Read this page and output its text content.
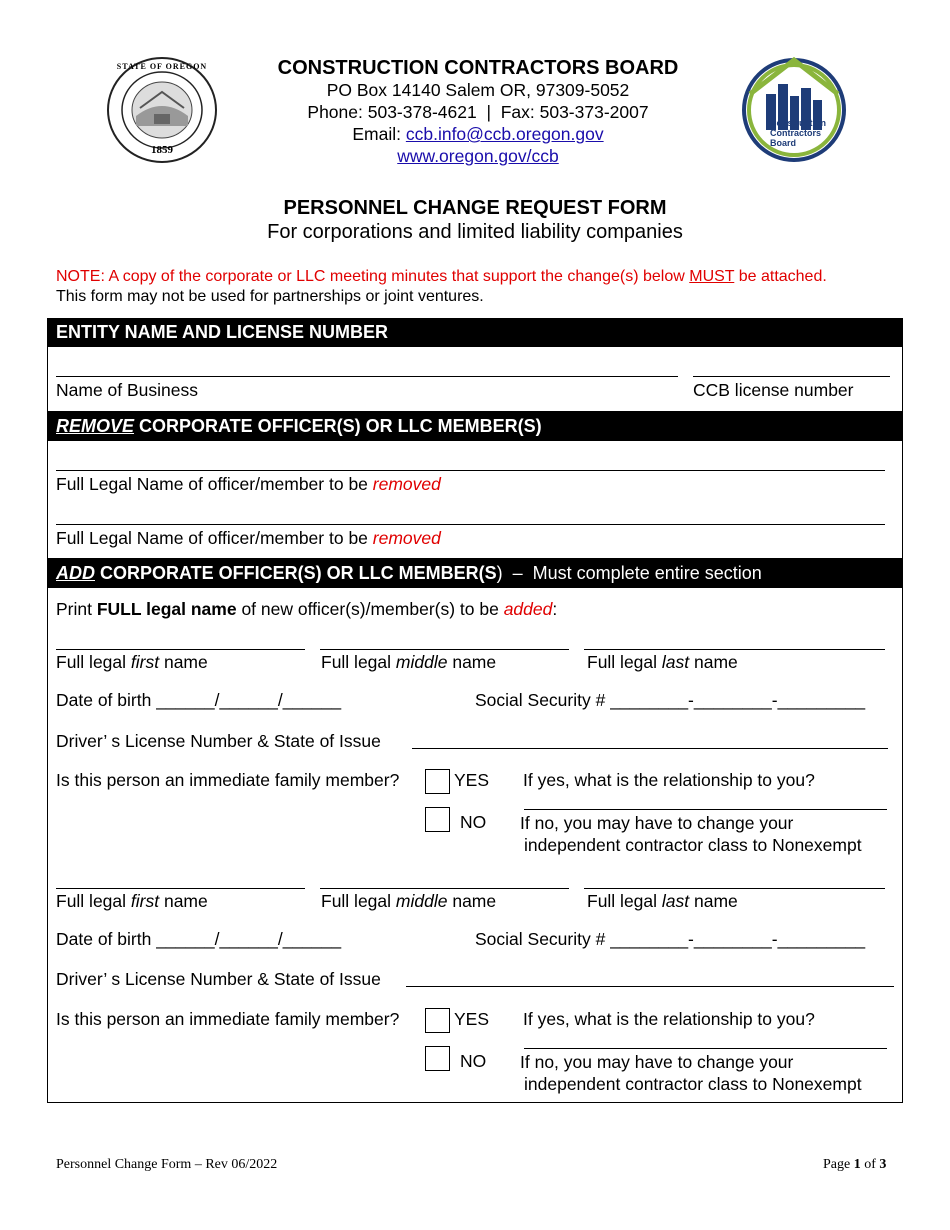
1859
STATE OF OREGON	CONSTRUCTION CONTRACTORS BOARD
PO Box 14140 Salem OR, 97309-5052
Phone: 503-378-4621  |  Fax: 503-373-2007
Email: ccb.info@ccb.oregon.gov
www.oregon.gov/ccb
Construction
Contractors
Board
PERSONNEL CHANGE REQUEST FORM
For corporations and limited liability companies
NOTE: A copy of the corporate or LLC meeting minutes that support the change(s) below MUST be attached.
This form may not be used for partnerships or joint ventures.
ENTITY NAME AND LICENSE NUMBER
Name of Business	CCB license number
REMOVE CORPORATE OFFICER(S) OR LLC MEMBER(S)
Full Legal Name of officer/member to be removed
Full Legal Name of officer/member to be removed
ADD CORPORATE OFFICER(S) OR LLC MEMBER(S)  –  Must complete entire section
Print FULL legal name of new officer(s)/member(s) to be added:
Full legal first name	Full legal middle name	Full legal last name
Date of birth ______/______/______	Social Security # ________-________-_________
Driver’ s License Number & State of Issue
Is this person an immediate family member?	YES If yes, what is the relationship to you?
NO If no, you may have to change your
independent contractor class to Nonexempt
Full legal first name	Full legal middle name	Full legal last name
Date of birth ______/______/______	Social Security # ________-________-_________
Driver’ s License Number & State of Issue
Is this person an immediate family member?	YES If yes, what is the relationship to you?
NO If no, you may have to change your
independent contractor class to Nonexempt
Personnel Change Form – Rev 06/2022	Page 1 of 3
